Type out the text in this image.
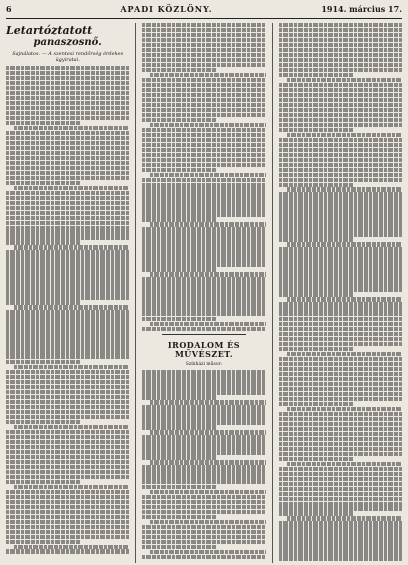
6	APADI KÖZLÖNY.	1914. március 17.
Letartóztatott
panaszosnő.
Sajnálatos. — A szentesi rendőrség érdekes ügyiratai.
IRODALOM ÉS MŰVÉSZET.
Színházi műsor:
